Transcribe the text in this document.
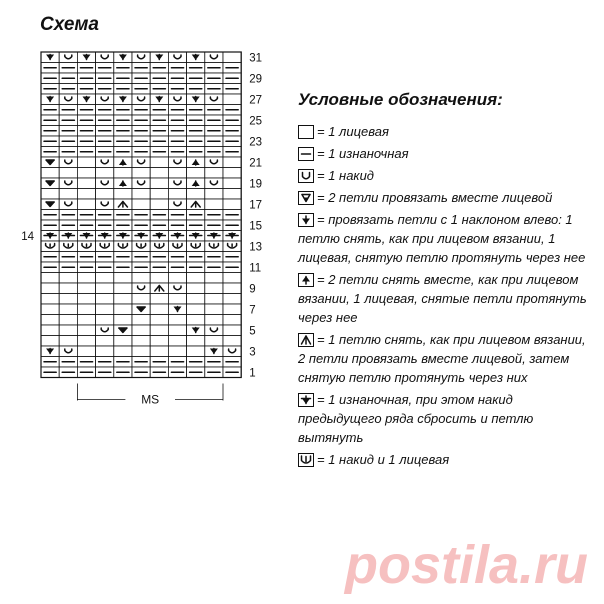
Схема
31
29
27
25
23
21
19
17
15
14
13
11
9
7
5
3
1
MS
Условные обозначения:
= 1 лицевая
= 1 изнаночная
= 1 накид
= 2 петли провязать вместе лицевой
= провязать петли с 1 наклоном влево: 1 петлю снять, как при лицевом вязании, 1 лицевая, снятую петлю протянуть через нее
= 2 петли снять вместе, как при лицевом вязании, 1 лицевая, снятые петли протянуть через нее
= 1 петлю снять, как при лицевом вязании, 2 петли провязать вместе лицевой, затем снятую петлю протянуть через них
= 1 изнаночная, при этом накид предыдущего ряда сбросить и петлю вытянуть
= 1 накид и 1 лицевая
postila.ru
